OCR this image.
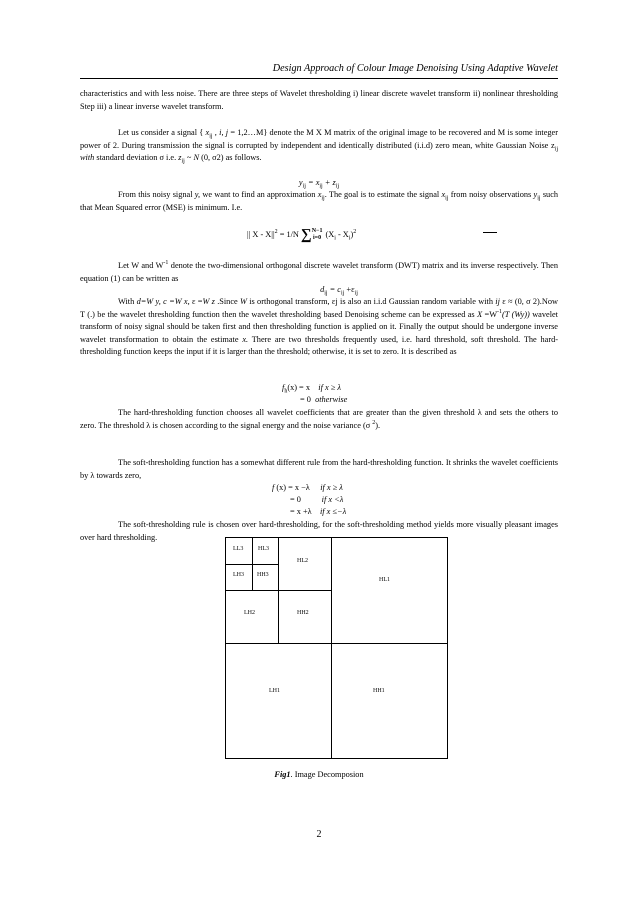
Design Approach of Colour Image Denoising Using Adaptive Wavelet
characteristics and with less noise. There are three steps of Wavelet thresholding i) linear discrete wavelet transform ii) nonlinear thresholding Step iii) a linear inverse wavelet transform.
Let us consider a signal { $x_{ij}$ , i, j = 1,2…M} denote the M X M matrix of the original image to be recovered and M is some integer power of 2. During transmission the signal is corrupted by independent and identically distributed (i.i.d) zero mean, white Gaussian Noise $z_{ij}$ with standard deviation σ i.e. $z_{ij}$ ~ N (0, σ2) as follows.
$y_{ij} = x_{ij} + z_{ij}$
From this noisy signal y, we want to find an approximation $x_{ij}$. The goal is to estimate the signal $x_{ij}$ from noisy observations $y_{ij}$ such that Mean Squared error (MSE) is minimum. I.e.
|| $X - X||^2 = 1/N$ ∑N−1
i=0 $(X_i - X_i)^2$
Let W and $W^{-1}$ denote the two-dimensional orthogonal discrete wavelet transform (DWT) matrix and its inverse respectively. Then equation (1) can be written as
$d_{ij} = c_{ij} +\varepsilon_{ij}$
With d=W y, c =W x, ε =W z .Since W is orthogonal transform, εj is also an i.i.d Gaussian random variable with ij ε ≈ (0, σ 2).Now T (.) be the wavelet thresholding function then the wavelet thresholding based Denoising scheme can be expressed as $X =W^{-1}(T$ (Wy)) wavelet transform of noisy signal should be taken first and then thresholding function is applied on it. Finally the output should be undergone inverse wavelet transformation to obtain the estimate x. There are two thresholds frequently used, i.e. hard threshold, soft threshold. The hard-thresholding function keeps the input if it is larger than the threshold; otherwise, it is set to zero. It is described as
$f_h(x) = x$ if x ≥ λ
= 0 otherwise
The hard-thresholding function chooses all wavelet coefficients that are greater than the given threshold λ and sets the others to zero. The threshold λ is chosen according to the signal energy and the noise variance (σ $^2$).
The soft-thresholding function has a somewhat different rule from the hard-thresholding function. It shrinks the wavelet coefficients by λ towards zero,
f (x) = x −λ if x ≥ λ
= 0	if x <λ
= x +λ if x ≤−λ
The soft-thresholding rule is chosen over hard-thresholding, for the soft-thresholding method yields more visually pleasant images over hard thresholding.
LL3 HL3
LH3 HH3
HL2
LH2	HH2
HL1
LH1	HH1
Fig1. Image Decomposion
2
